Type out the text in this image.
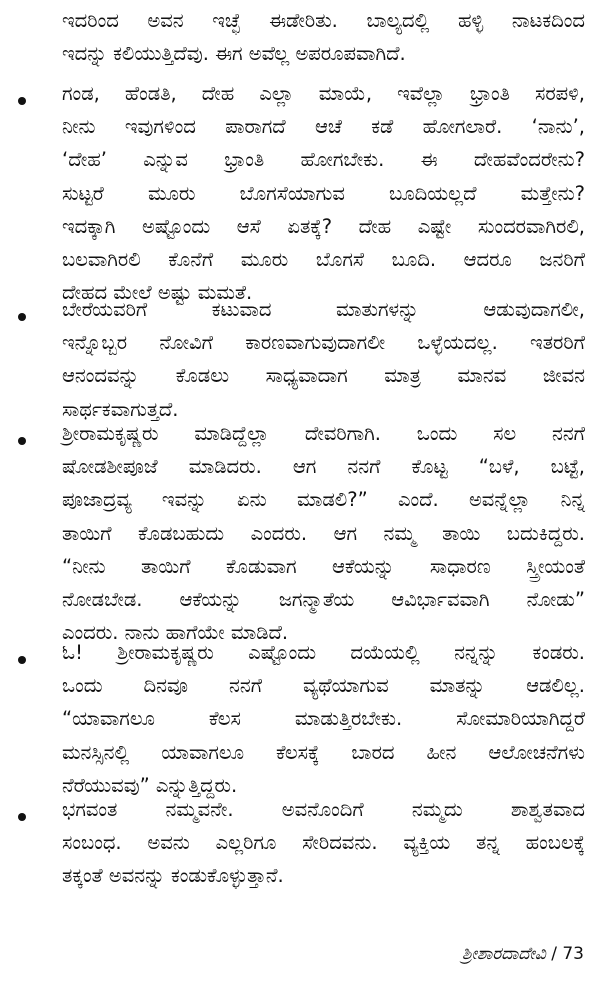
ಇದರಿಂದ ಅವನ ಇಚ್ಛೆ ಈಡೇರಿತು. ಬಾಲ್ಯದಲ್ಲಿ ಹಳ್ಳಿ ನಾಟಕದಿಂದ
ಇದನ್ನು ಕಲಿಯುತ್ತಿದೆವು. ಈಗ ಅವೆಲ್ಲ ಅಪರೂಪವಾಗಿದೆ.
ಗಂಡ, ಹೆಂಡತಿ, ದೇಹ ಎಲ್ಲಾ ಮಾಯೆ, ಇವೆಲ್ಲಾ ಭ್ರಾಂತಿ ಸರಪಳಿ,
ನೀನು ಇವುಗಳಿಂದ ಪಾರಾಗದೆ ಆಚೆ ಕಡೆ ಹೋಗಲಾರೆ. ‘ನಾನು’,
‘ದೇಹ’ ಎನ್ನುವ ಭ್ರಾಂತಿ ಹೋಗಬೇಕು. ಈ ದೇಹವೆಂದರೇನು?
ಸುಟ್ಟರೆ ಮೂರು ಬೊಗಸೆಯಾಗುವ ಬೂದಿಯಲ್ಲದೆ ಮತ್ತೇನು?
ಇದಕ್ಕಾಗಿ ಅಷ್ಟೊಂದು ಆಸೆ ಏತಕ್ಕೆ? ದೇಹ ಎಷ್ಟೇ ಸುಂದರವಾಗಿರಲಿ,
ಬಲವಾಗಿರಲಿ ಕೊನೆಗೆ ಮೂರು ಬೊಗಸೆ ಬೂದಿ. ಆದರೂ ಜನರಿಗೆ
ದೇಹದ ಮೇಲೆ ಅಷ್ಟು ಮಮತೆ.
ಬೇರೆಯವರಿಗೆ ಕಟುವಾದ ಮಾತುಗಳನ್ನು ಆಡುವುದಾಗಲೀ,
ಇನ್ನೊಬ್ಬರ ನೋವಿಗೆ ಕಾರಣವಾಗುವುದಾಗಲೀ ಒಳ್ಳೆಯದಲ್ಲ. ಇತರರಿಗೆ
ಆನಂದವನ್ನು ಕೊಡಲು ಸಾಧ್ಯವಾದಾಗ ಮಾತ್ರ ಮಾನವ ಜೀವನ
ಸಾರ್ಥಕವಾಗುತ್ತದೆ.
ಶ್ರೀರಾಮಕೃಷ್ಣರು ಮಾಡಿದ್ದೆಲ್ಲಾ ದೇವರಿಗಾಗಿ. ಒಂದು ಸಲ ನನಗೆ
ಷೋಡಶೀಪೂಜೆ ಮಾಡಿದರು. ಆಗ ನನಗೆ ಕೊಟ್ಟ “ಬಳೆ, ಬಟ್ಟೆ,
ಪೂಜಾದ್ರವ್ಯ ಇವನ್ನು ಏನು ಮಾಡಲಿ?” ಎಂದೆ. ಅವನ್ನೆಲ್ಲಾ ನಿನ್ನ
ತಾಯಿಗೆ ಕೊಡಬಹುದು ಎಂದರು. ಆಗ ನಮ್ಮ ತಾಯಿ ಬದುಕಿದ್ದರು.
“ನೀನು ತಾಯಿಗೆ ಕೊಡುವಾಗ ಆಕೆಯನ್ನು ಸಾಧಾರಣ ಸ್ತ್ರೀಯಂತೆ
ನೋಡಬೇಡ. ಆಕೆಯನ್ನು ಜಗನ್ಮಾತೆಯ ಆವಿರ್ಭಾವವಾಗಿ ನೋಡು”
ಎಂದರು. ನಾನು ಹಾಗೆಯೇ ಮಾಡಿದೆ.
ಓ! ಶ್ರೀರಾಮಕೃಷ್ಣರು ಎಷ್ಟೊಂದು ದಯೆಯಲ್ಲಿ ನನ್ನನ್ನು ಕಂಡರು.
ಒಂದು ದಿನವೂ ನನಗೆ ವ್ಯಥೆಯಾಗುವ ಮಾತನ್ನು ಆಡಲಿಲ್ಲ.
“ಯಾವಾಗಲೂ ಕೆಲಸ ಮಾಡುತ್ತಿರಬೇಕು. ಸೋಮಾರಿಯಾಗಿದ್ದರೆ
ಮನಸ್ಸಿನಲ್ಲಿ ಯಾವಾಗಲೂ ಕೆಲಸಕ್ಕೆ ಬಾರದ ಹೀನ ಆಲೋಚನೆಗಳು
ನೆರೆಯುವವು” ಎನ್ನುತ್ತಿದ್ದರು.
ಭಗವಂತ ನಮ್ಮವನೇ. ಅವನೊಂದಿಗೆ ನಮ್ಮದು ಶಾಶ್ವತವಾದ
ಸಂಬಂಧ. ಅವನು ಎಲ್ಲರಿಗೂ ಸೇರಿದವನು. ವ್ಯಕ್ತಿಯ ತನ್ನ ಹಂಬಲಕ್ಕೆ
ತಕ್ಕಂತೆ ಅವನನ್ನು ಕಂಡುಕೊಳ್ಳುತ್ತಾನೆ.
ಶ್ರೀಶಾರದಾದೇವಿ / 73
